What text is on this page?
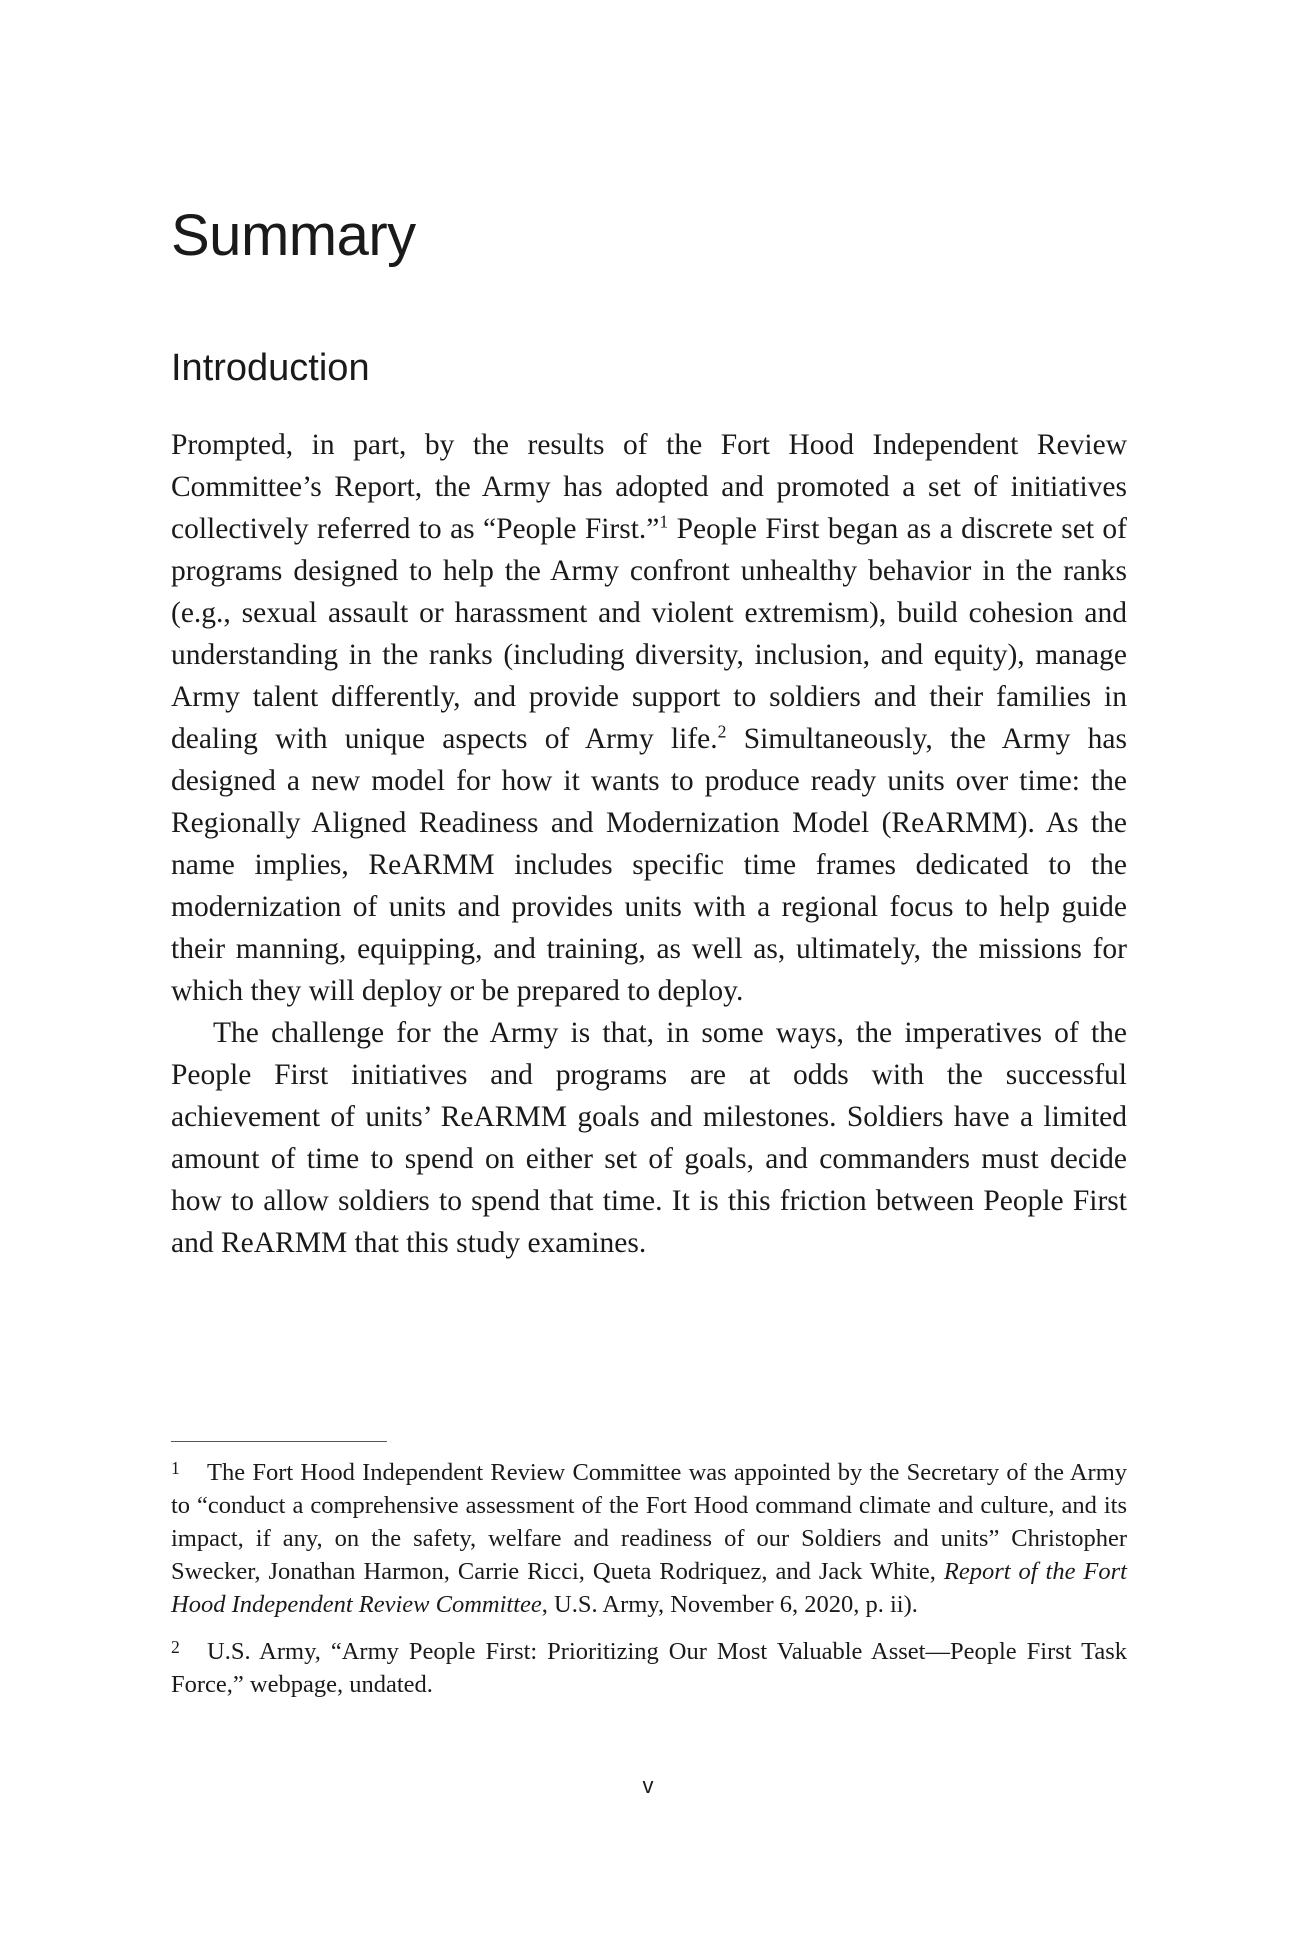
Summary
Introduction

Prompted, in part, by the results of the Fort Hood Independent Review Committee’s Report, the Army has adopted and promoted a set of initiatives collectively referred to as “People First.”$^1$ People First began as a discrete set of programs designed to help the Army confront unhealthy behavior in the ranks (e.g., sexual assault or harassment and violent extremism), build cohesion and understanding in the ranks (including diversity, inclusion, and equity), manage Army talent differently, and provide support to soldiers and their families in dealing with unique aspects of Army life.$^2$ Simultaneously, the Army has designed a new model for how it wants to produce ready units over time: the Regionally Aligned Readiness and Modernization Model (ReARMM). As the name implies, ReARMM includes specific time frames dedicated to the modernization of units and provides units with a regional focus to help guide their manning, equipping, and training, as well as, ultimately, the missions for which they will deploy or be prepared to deploy.

The challenge for the Army is that, in some ways, the imperatives of the People First initiatives and programs are at odds with the successful achievement of units’ ReARMM goals and milestones. Soldiers have a limited amount of time to spend on either set of goals, and commanders must decide how to allow soldiers to spend that time. It is this friction between People First and ReARMM that this study examines.

1 The Fort Hood Independent Review Committee was appointed by the Secretary of the Army to “conduct a comprehensive assessment of the Fort Hood command climate and culture, and its impact, if any, on the safety, welfare and readiness of our Soldiers and units” Christopher Swecker, Jonathan Harmon, Carrie Ricci, Queta Rodriquez, and Jack White, Report of the Fort Hood Independent Review Committee, U.S. Army, November 6, 2020, p. ii).

2 U.S. Army, “Army People First: Prioritizing Our Most Valuable Asset—People First Task Force,” webpage, undated.

v
